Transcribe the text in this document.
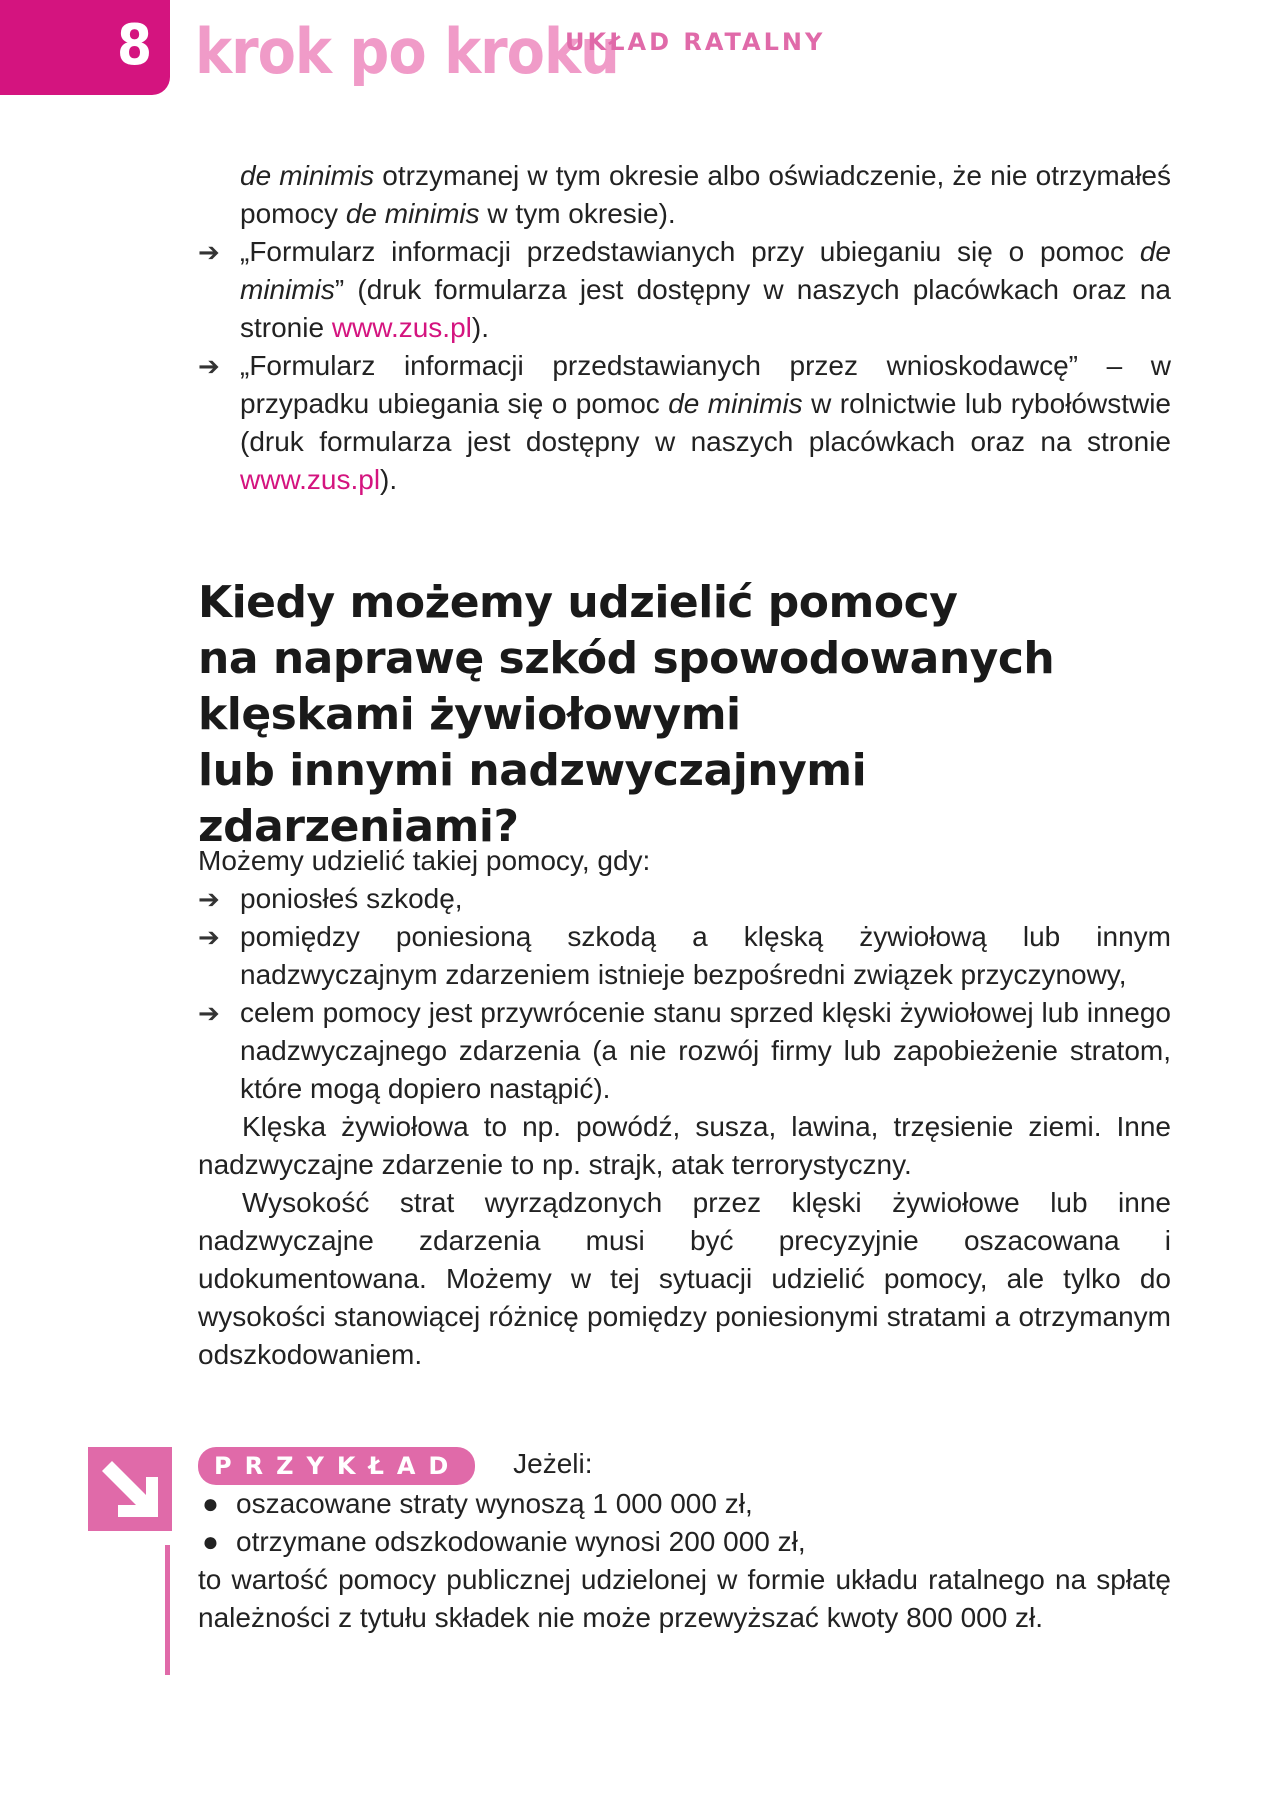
8 krok po kroku
UKŁAD RATALNY
de minimis otrzymanej w tym okresie albo oświadczenie, że nie otrzymałeś pomocy de minimis w tym okresie).
➔ „Formularz informacji przedstawianych przy ubieganiu się o pomoc de minimis” (druk formularza jest dostępny w naszych placówkach oraz na stronie www.zus.pl).
➔ „Formularz informacji przedstawianych przez wnioskodawcę” – w przypadku ubiegania się o pomoc de minimis w rolnictwie lub rybołówstwie (druk formularza jest dostępny w naszych placówkach oraz na stronie www.zus.pl).
Kiedy możemy udzielić pomocy
na naprawę szkód spowodowanych
klęskami żywiołowymi
lub innymi nadzwyczajnymi zdarzeniami?

Możemy udzielić takiej pomocy, gdy:

➔ poniosłeś szkodę,
➔ pomiędzy poniesioną szkodą a klęską żywiołową lub innym nadzwyczajnym zdarzeniem istnieje bezpośredni związek przyczynowy,
➔ celem pomocy jest przywrócenie stanu sprzed klęski żywiołowej lub innego nadzwyczajnego zdarzenia (a nie rozwój firmy lub zapobieżenie stratom, które mogą dopiero nastąpić).

Klęska żywiołowa to np. powódź, susza, lawina, trzęsienie ziemi. Inne nadzwyczajne zdarzenie to np. strajk, atak terrorystyczny.

Wysokość strat wyrządzonych przez klęski żywiołowe lub inne nadzwyczajne zdarzenia musi być precyzyjnie oszacowana i udokumentowana. Możemy w tej sytuacji udzielić pomocy, ale tylko do wysokości stanowiącej różnicę pomiędzy poniesionymi stratami a otrzymanym odszkodowaniem.

PRZYKŁAD Jeżeli:
● oszacowane straty wynoszą 1 000 000 zł,
● otrzymane odszkodowanie wynosi 200 000 zł,

to wartość pomocy publicznej udzielonej w formie układu ratalnego na spłatę należności z tytułu składek nie może przewyższać kwoty 800 000 zł.
